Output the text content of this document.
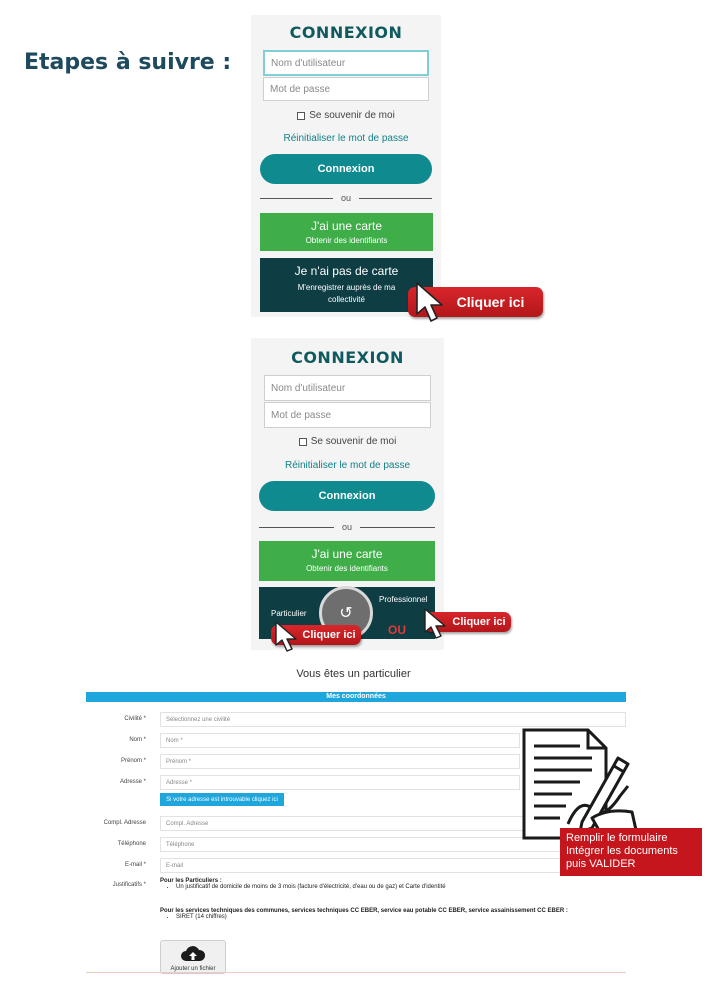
Etapes à suivre :
CONNEXION
Nom d'utilisateur
Mot de passe
Se souvenir de moi
Réinitialiser le mot de passe
Connexion
ou
J'ai une carte
Obtenir des identifiants
Je n'ai pas de carte
M'enregistrer auprès de ma
collectivité	Cliquer ici
CONNEXION
Nom d'utilisateur
Mot de passe
Se souvenir de moi
Réinitialiser le mot de passe
Connexion
ou
J'ai une carte
Obtenir des identifiants
Particulier
Professionnel
↺
OU
Cliquer ici
Cliquer ici
Vous êtes un particulier
Mes coordonnées
Civilité *	Sélectionnez une civilité
Nom *	Nom *
Prénom *	Prénom *
Adresse *	Adresse *
Compl. Adresse	Compl. Adresse
Téléphone	Téléphone
E-mail *	E-mail
Si votre adresse est introuvable cliquez ici
Justificatifs *
Pour les Particuliers :
• Un justificatif de domicile de moins de 3 mois (facture d'électricité, d'eau ou de gaz) et Carte d'identité
Pour les services techniques des communes, services techniques CC EBER, service eau potable CC EBER, service assainissement CC EBER :
• SIRET (14 chiffres)
Ajouter un fichier
Remplir le formulaire
Intégrer les documents
puis VALIDER
